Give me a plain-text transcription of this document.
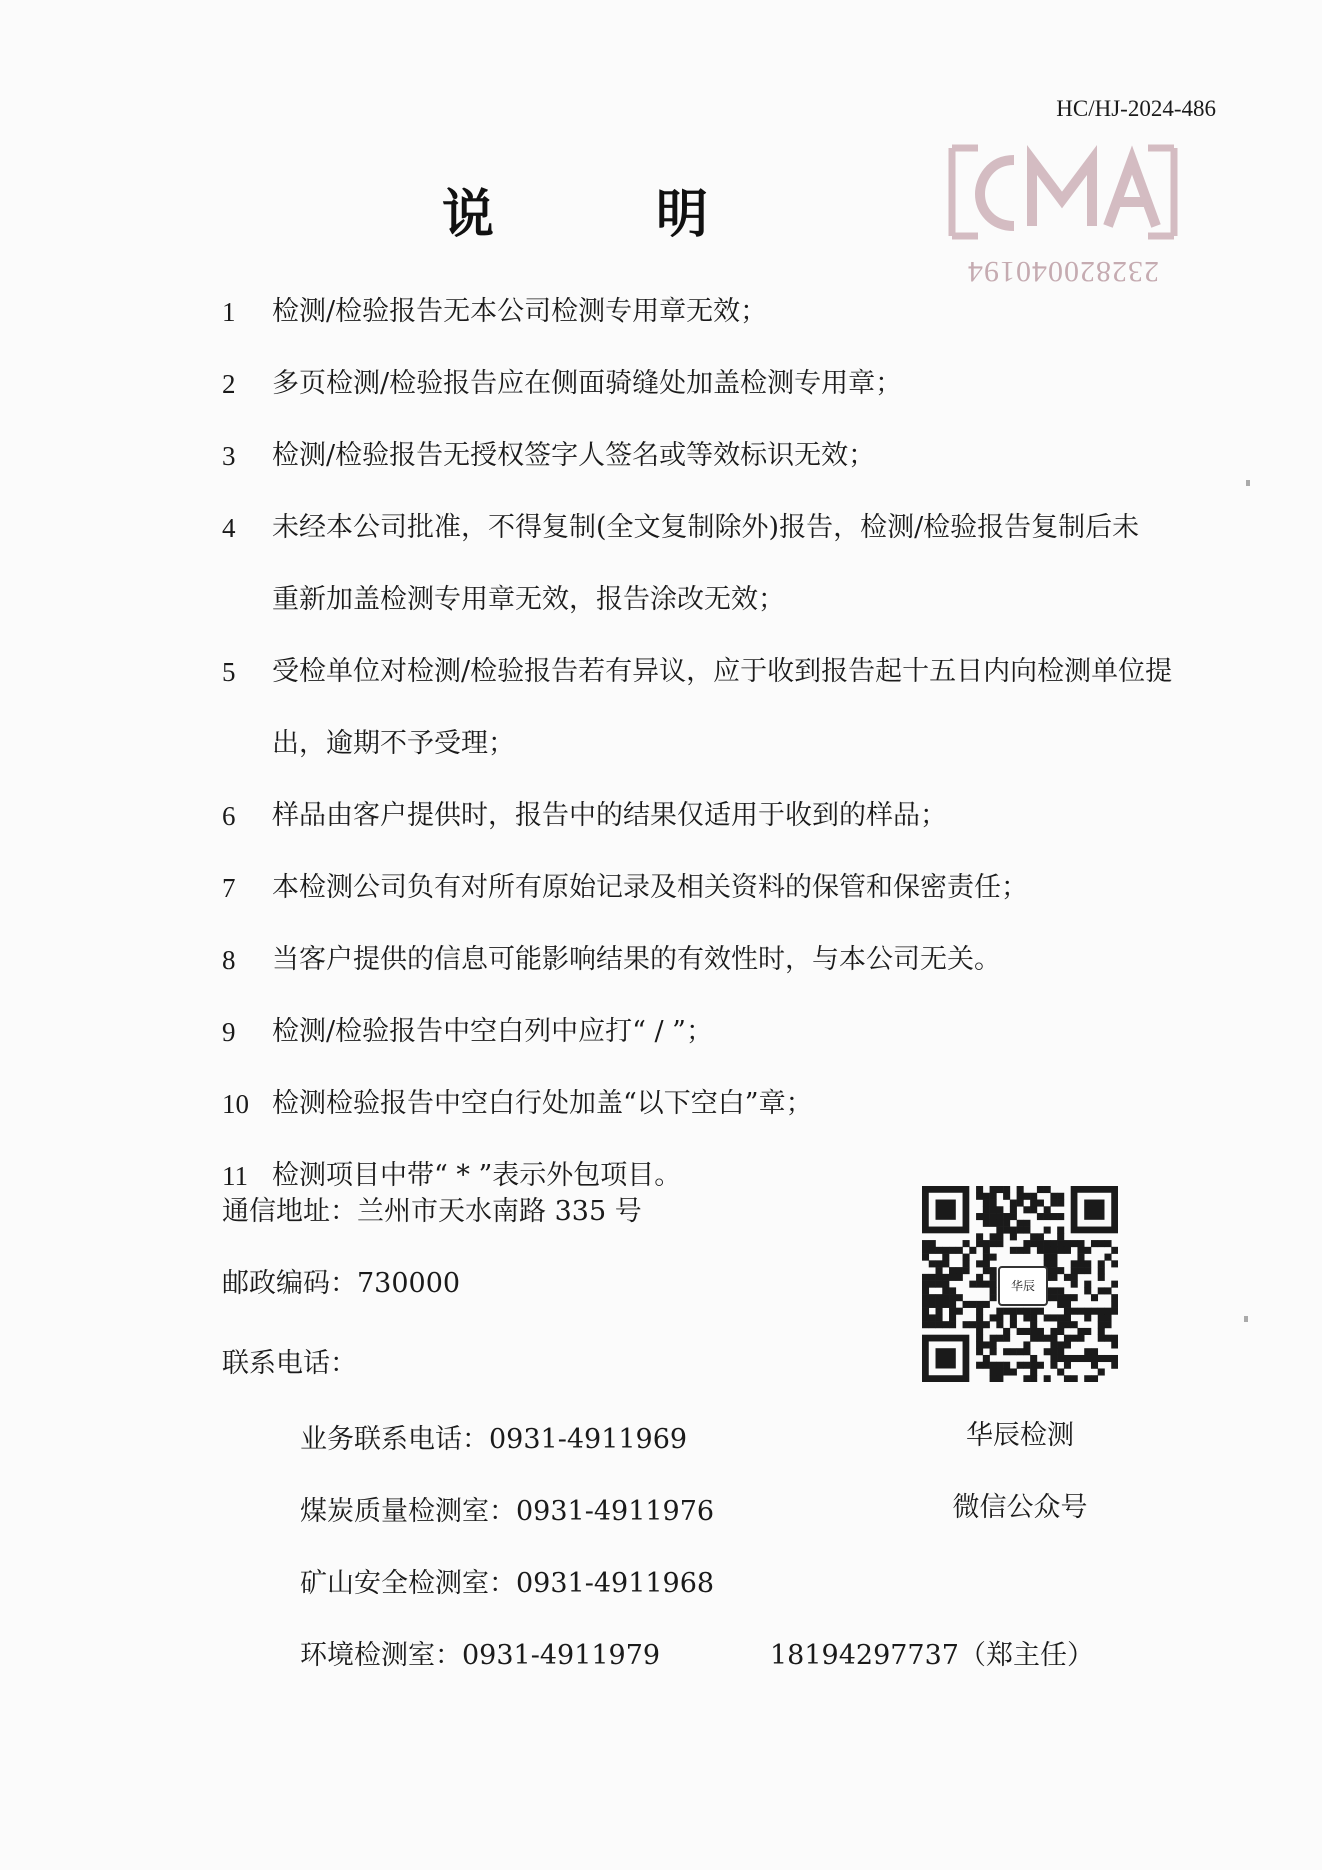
HC/HJ-2024-486
232820040194
说 明
1 检测/检验报告无本公司检测专用章无效；
2 多页检测/检验报告应在侧面骑缝处加盖检测专用章；
3 检测/检验报告无授权签字人签名或等效标识无效；
4 未经本公司批准，不得复制(全文复制除外)报告，检测/检验报告复制后未重新加盖检测专用章无效，报告涂改无效；
5 受检单位对检测/检验报告若有异议，应于收到报告起十五日内向检测单位提出，逾期不予受理；
6 样品由客户提供时，报告中的结果仅适用于收到的样品；
7 本检测公司负有对所有原始记录及相关资料的保管和保密责任；
8 当客户提供的信息可能影响结果的有效性时，与本公司无关。
9 检测/检验报告中空白列中应打“ / ”；
10 检测检验报告中空白行处加盖“以下空白”章；
11 检测项目中带“ * ”表示外包项目。
通信地址：兰州市天水南路 335 号
邮政编码：730000
联系电话：
业务联系电话：0931-4911969
煤炭质量检测室：0931-4911976
矿山安全检测室：0931-4911968
环境检测室：0931-4911979	18194297737（郑主任）
华辰
华辰检测
微信公众号
